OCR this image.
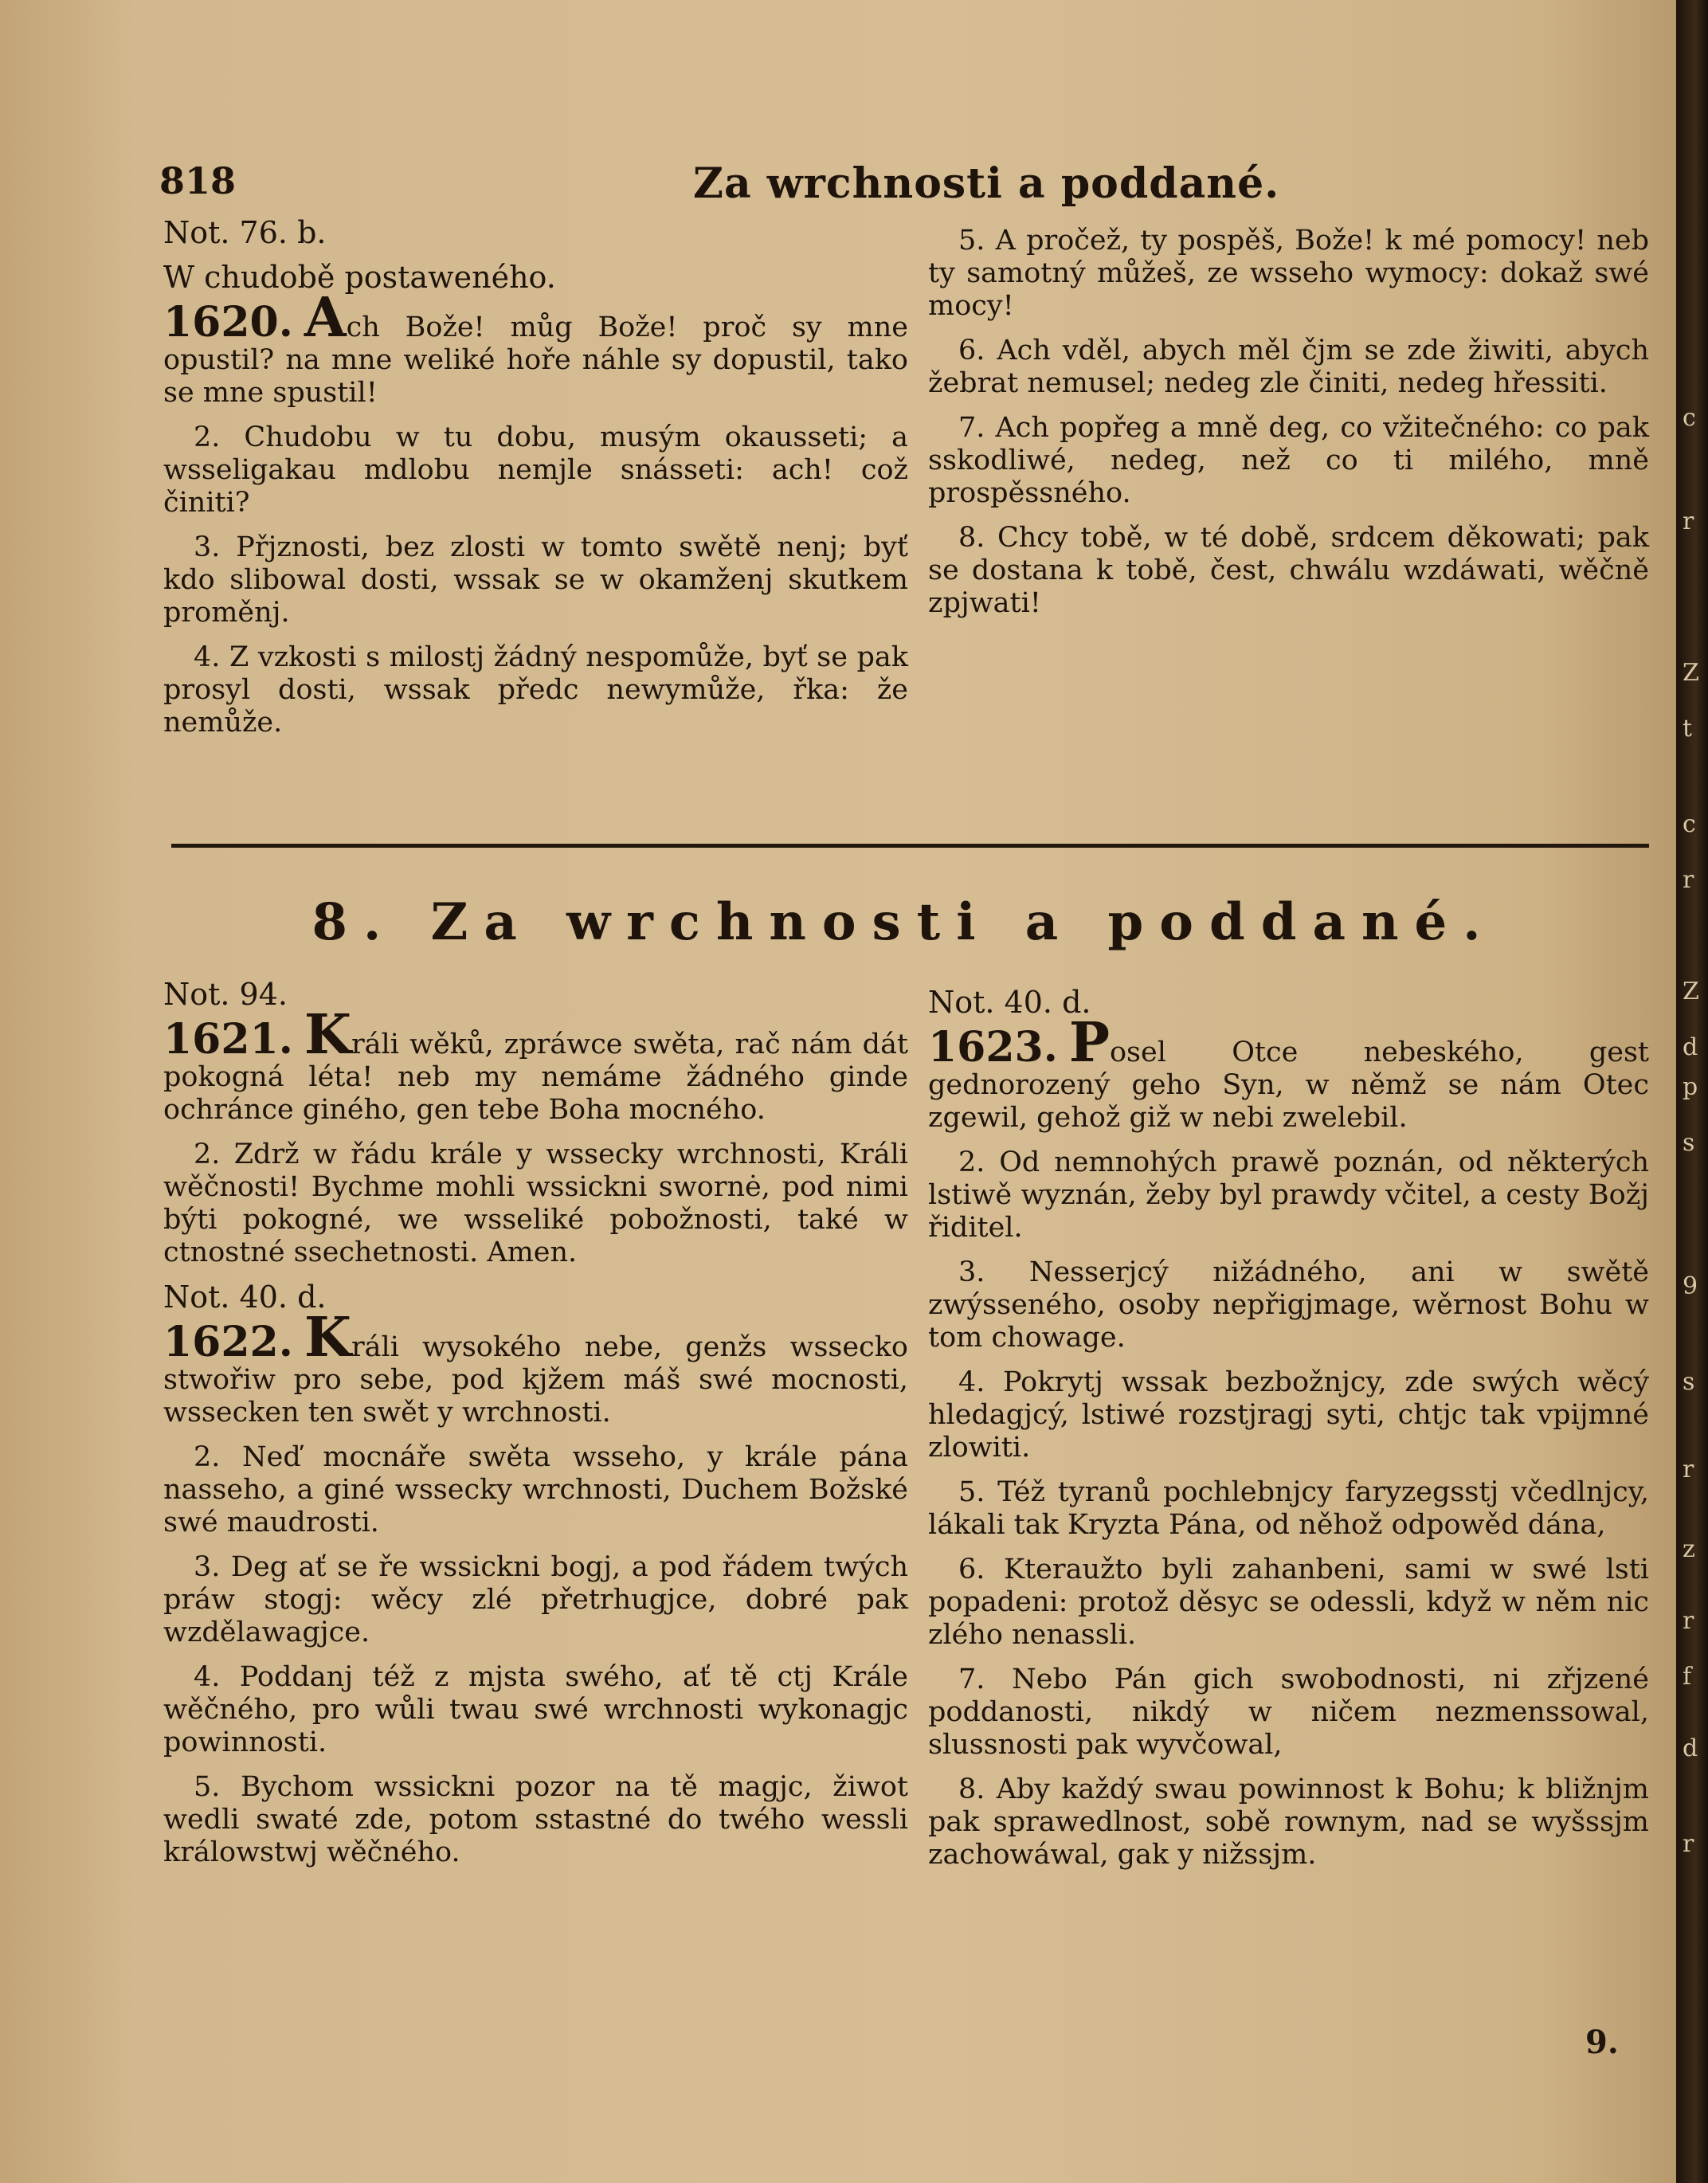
818	Za wrchnosti a poddané.

Not. 76. b.

W chudobě postaweného.

1620. Ach Bože! můg Bože! proč sy mne opustil? na mne weliké hoře náhle sy dopustil, tako se mne spustil!

2. Chudobu w tu dobu, musým okausseti; a wsseligakau mdlobu nemjle snásseti: ach! což činiti?

3. Přjznosti, bez zlosti w tomto swětě nenj; byť kdo slibowal dosti, wssak se w okamženj skutkem proměnj.

4. Z vzkosti s milostj žádný nespomůže, byť se pak prosyl dosti, wssak předc newymůže, řka: že nemůže.

5. A pročež, ty pospěš, Bože! k mé pomocy! neb ty samotný můžeš, ze wsseho wymocy: dokaž swé mocy!

6. Ach vděl, abych měl čjm se zde žiwiti, abych žebrat nemusel; nedeg zle činiti, nedeg hřessiti.

7. Ach popřeg a mně deg, co vžitečného: co pak sskodliwé, nedeg, než co ti milého, mně prospěssného.

8. Chcy tobě, w té době, srdcem děkowati; pak se dostana k tobě, čest, chwálu wzdáwati, wěčně zpjwati!

8. Za wrchnosti a poddané.

Not. 94.

1621. Králi wěků, zpráwce swěta, rač nám dát pokogná léta! neb my nemáme žádného ginde ochránce giného, gen tebe Boha mocného.

2. Zdrž w řádu krále y wssecky wrchnosti, Králi wěčnosti! Bychme mohli wssickni swornė, pod nimi býti pokogné, we wsseliké pobožnosti, také w ctnostné ssechetnosti. Amen.

Not. 40. d.

1622. Králi wysokého nebe, genžs wssecko stwořiw pro sebe, pod kjžem máš swé mocnosti, wssecken ten swět y wrchnosti.

2. Neď mocnáře swěta wsseho, y krále pána nasseho, a giné wssecky wrchnosti, Duchem Božské swé maudrosti.

3. Deg ať se ře wssickni bogj, a pod řádem twých práw stogj: wěcy zlé přetrhugjce, dobré pak wzdělawagjce.

4. Poddanj též z mjsta swého, ať tě ctj Krále wěčného, pro wůli twau swé wrchnosti wykonagjc powinnosti.

5. Bychom wssickni pozor na tě magjc, žiwot wedli swaté zde, potom sstastné do twého wessli králowstwj wěčného.

Not. 40. d.

1623. Posel Otce nebeského, gest gednorozený geho Syn, w němž se nám Otec zgewil, gehož giž w nebi zwelebil.

2. Od nemnohých prawě poznán, od některých lstiwě wyznán, žeby byl prawdy včitel, a cesty Božj řiditel.

3. Nesserjcý nižádného, ani w swětě zwýsseného, osoby nepřigjmage, wěrnost Bohu w tom chowage.

4. Pokrytj wssak bezbožnjcy, zde swých wěcý hledagjcý, lstiwé rozstjragj syti, chtjc tak vpijmné zlowiti.

5. Též tyranů pochlebnjcy faryzegsstj včedlnjcy, lákali tak Kryzta Pána, od něhož odpowěd dána,

6. Kteraužto byli zahanbeni, sami w swé lsti popadeni: protož děsyc se odessli, když w něm nic zlého nenassli.

7. Nebo Pán gich swobodnosti, ni zřjzené poddanosti, nikdý w ničem nezmenssowal, slussnosti pak wyvčowal,

8. Aby každý swau powinnost k Bohu; k bližnjm pak sprawedlnost, sobě rownym, nad se wyšssjm zachowáwal, gak y nižssjm.

9.
c
r
Z
t
c
r
Z
d
p
s
9
s
r
z
r
f
d
r
